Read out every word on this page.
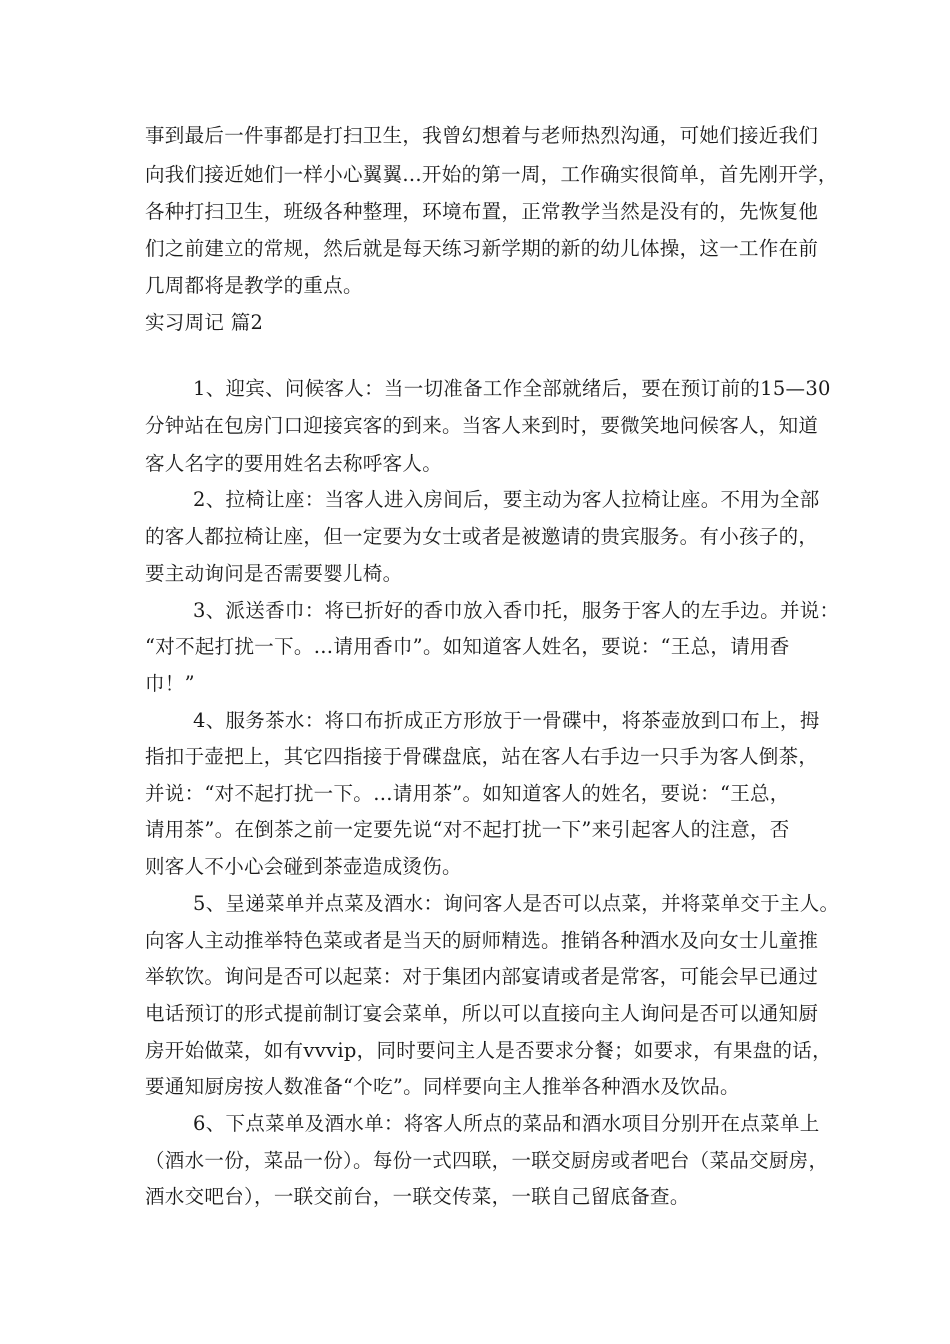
事到最后一件事都是打扫卫生，我曾幻想着与老师热烈沟通，可她们接近我们
向我们接近她们一样小心翼翼...开始的第一周，工作确实很简单，首先刚开学，
各种打扫卫生，班级各种整理，环境布置，正常教学当然是没有的，先恢复他
们之前建立的常规，然后就是每天练习新学期的新的幼儿体操，这一工作在前
几周都将是教学的重点。
实习周记 篇2
1、迎宾、问候客人：当一切准备工作全部就绪后，要在预订前的15—30
分钟站在包房门口迎接宾客的到来。当客人来到时，要微笑地问候客人，知道
客人名字的要用姓名去称呼客人。
2、拉椅让座：当客人进入房间后，要主动为客人拉椅让座。不用为全部
的客人都拉椅让座，但一定要为女士或者是被邀请的贵宾服务。有小孩子的，
要主动询问是否需要婴儿椅。
3、派送香巾：将已折好的香巾放入香巾托，服务于客人的左手边。并说：
“对不起打扰一下。…请用香巾”。如知道客人姓名，要说：“王总，请用香
巾！”
4、服务茶水：将口布折成正方形放于一骨碟中，将茶壶放到口布上，拇
指扣于壶把上，其它四指接于骨碟盘底，站在客人右手边一只手为客人倒茶，
并说：“对不起打扰一下。…请用茶”。如知道客人的姓名，要说：“王总，
请用茶”。在倒茶之前一定要先说“对不起打扰一下”来引起客人的注意，否
则客人不小心会碰到茶壶造成烫伤。
5、呈递菜单并点菜及酒水：询问客人是否可以点菜，并将菜单交于主人。
向客人主动推举特色菜或者是当天的厨师精选。推销各种酒水及向女士儿童推
举软饮。询问是否可以起菜：对于集团内部宴请或者是常客，可能会早已通过
电话预订的形式提前制订宴会菜单，所以可以直接向主人询问是否可以通知厨
房开始做菜，如有vvvip，同时要问主人是否要求分餐；如要求，有果盘的话，
要通知厨房按人数准备“个吃”。同样要向主人推举各种酒水及饮品。
6、下点菜单及酒水单：将客人所点的菜品和酒水项目分别开在点菜单上
（酒水一份，菜品一份）。每份一式四联，一联交厨房或者吧台（菜品交厨房，
酒水交吧台），一联交前台，一联交传菜，一联自己留底备查。
